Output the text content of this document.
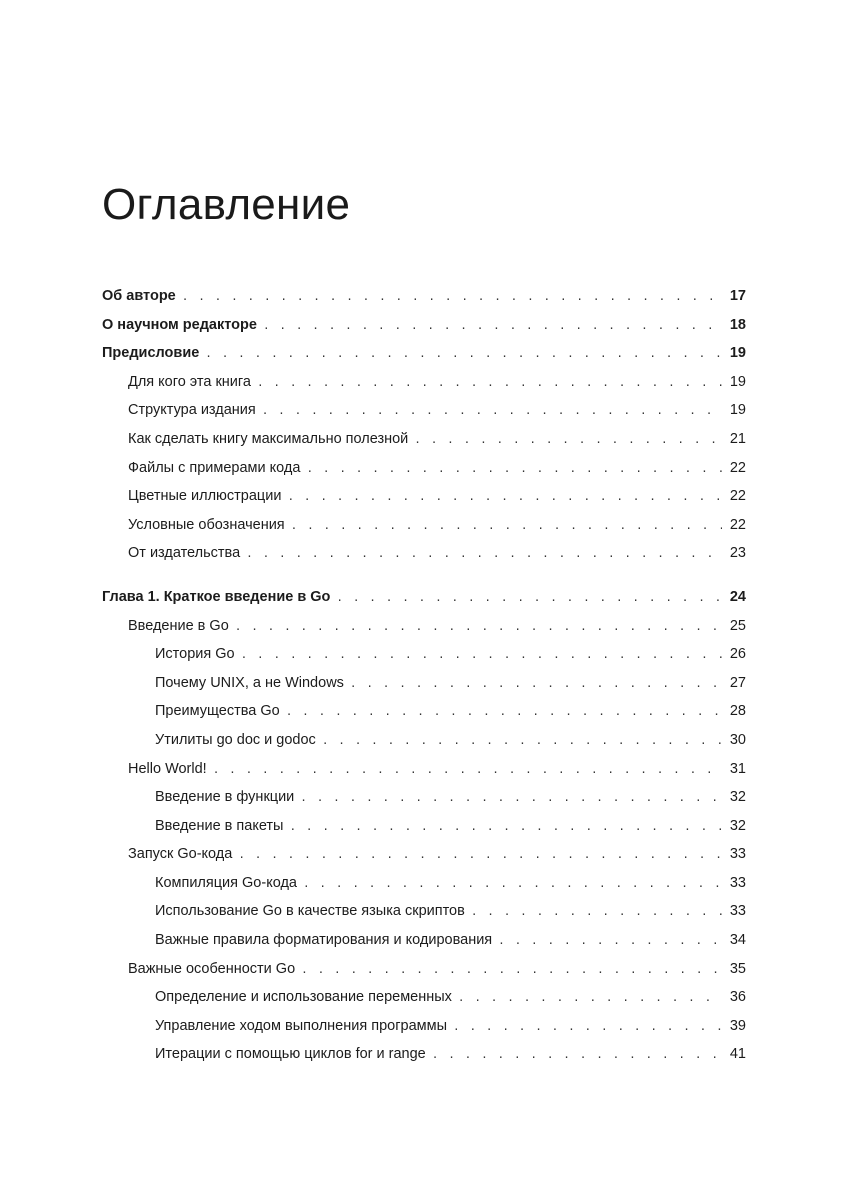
Оглавление
Об авторе . . .	17
О научном редакторе . . .	18
Предисловие . . .	19
Для кого эта книга . . .	19
Структура издания . . .	19
Как сделать книгу максимально полезной . . .	21
Файлы с примерами кода . . .	22
Цветные иллюстрации . . .	22
Условные обозначения . . .	22
От издательства . . .	23
Глава 1. Краткое введение в Go . . .	24
Введение в Go . . .	25
История Go . . .	26
Почему UNIX, а не Windows . . .	27
Преимущества Go . . .	28
Утилиты go doc и godoc . . .	30
Hello World! . . .	31
Введение в функции . . .	32
Введение в пакеты . . .	32
Запуск Go-кода . . .	33
Компиляция Go-кода . . .	33
Использование Go в качестве языка скриптов . . .	33
Важные правила форматирования и кодирования . . .	34
Важные особенности Go . . .	35
Определение и использование переменных . . .	36
Управление ходом выполнения программы . . .	39
Итерации с помощью циклов for и range . . .	41
